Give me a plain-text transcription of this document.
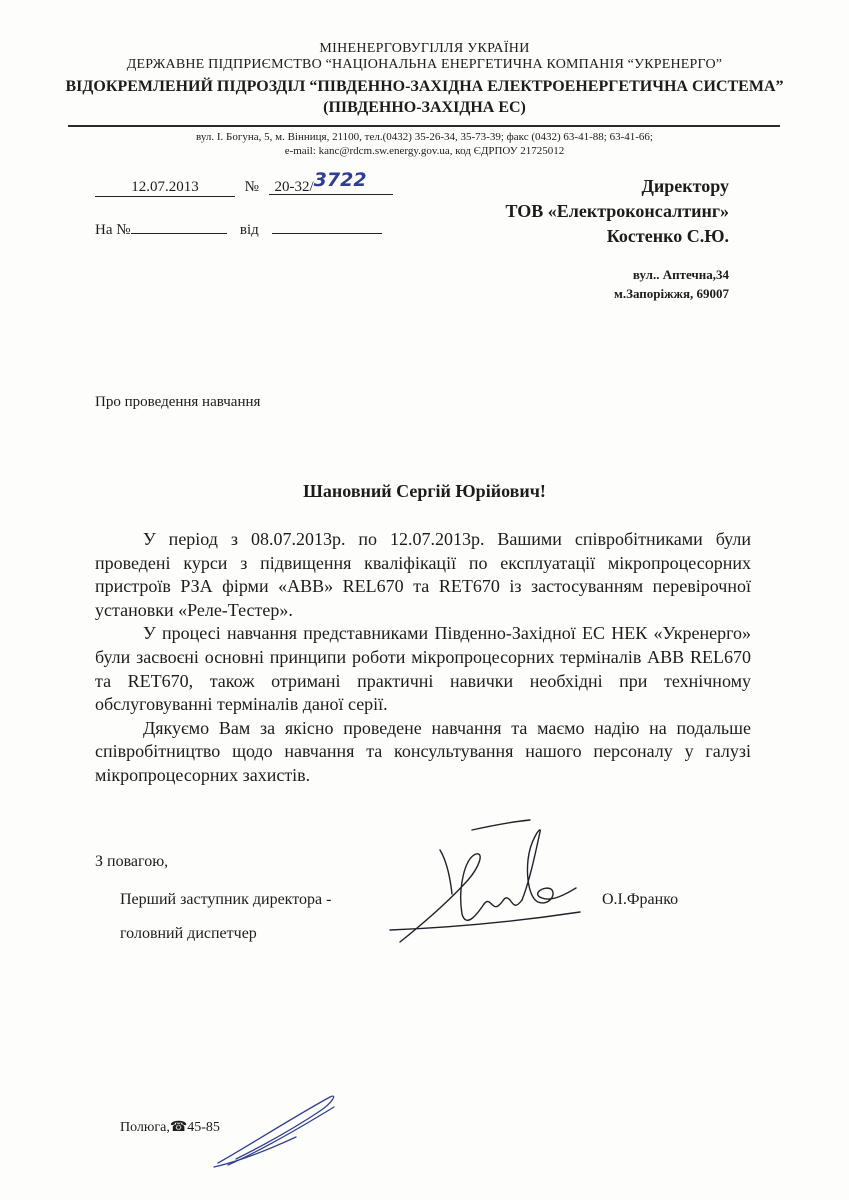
МІНЕНЕРГОВУГІЛЛЯ УКРАЇНИ
ДЕРЖАВНЕ ПІДПРИЄМСТВО “НАЦІОНАЛЬНА ЕНЕРГЕТИЧНА КОМПАНІЯ “УКРЕНЕРГО”
ВІДОКРЕМЛЕНИЙ ПІДРОЗДІЛ “ПІВДЕННО-ЗАХІДНА ЕЛЕКТРОЕНЕРГЕТИЧНА СИСТЕМА”
(ПІВДЕННО-ЗАХІДНА ЕС)
вул. І. Богуна, 5, м. Вінниця, 21100, тел.(0432) 35-26-34, 35-73-39; факс (0432) 63-41-88; 63-41-66;
e-mail: kanc@rdcm.sw.energy.gov.ua, код ЄДРПОУ 21725012
12.07.2013	№ 20-32/3722
На №	від
Директору
ТОВ «Електроконсалтинг»
Костенко С.Ю.
вул.. Аптечна,34
м.Запоріжжя, 69007
Про проведення навчання
Шановний Сергій Юрійович!

У період з 08.07.2013р. по 12.07.2013р. Вашими співробітниками були проведені курси з підвищення кваліфікації по експлуатації мікропроцесорних пристроїв РЗА фірми «ABB» REL670 та RET670 із застосуванням перевірочної установки «Реле-Тестер».

У процесі навчання представниками Південно-Західної ЕС НЕК «Укренерго» були засвоєні основні принципи роботи мікропроцесорних терміналів ABB REL670 та RET670, також отримані практичні навички необхідні при технічному обслуговуванні терміналів даної серії.

Дякуємо Вам за якісно проведене навчання та маємо надію на подальше співробітництво щодо навчання та консультування нашого персоналу у галузі мікропроцесорних захистів.

З повагою,
Перший заступник директора -
головний диспетчер
О.І.Франко
Полюга,☎45-85
